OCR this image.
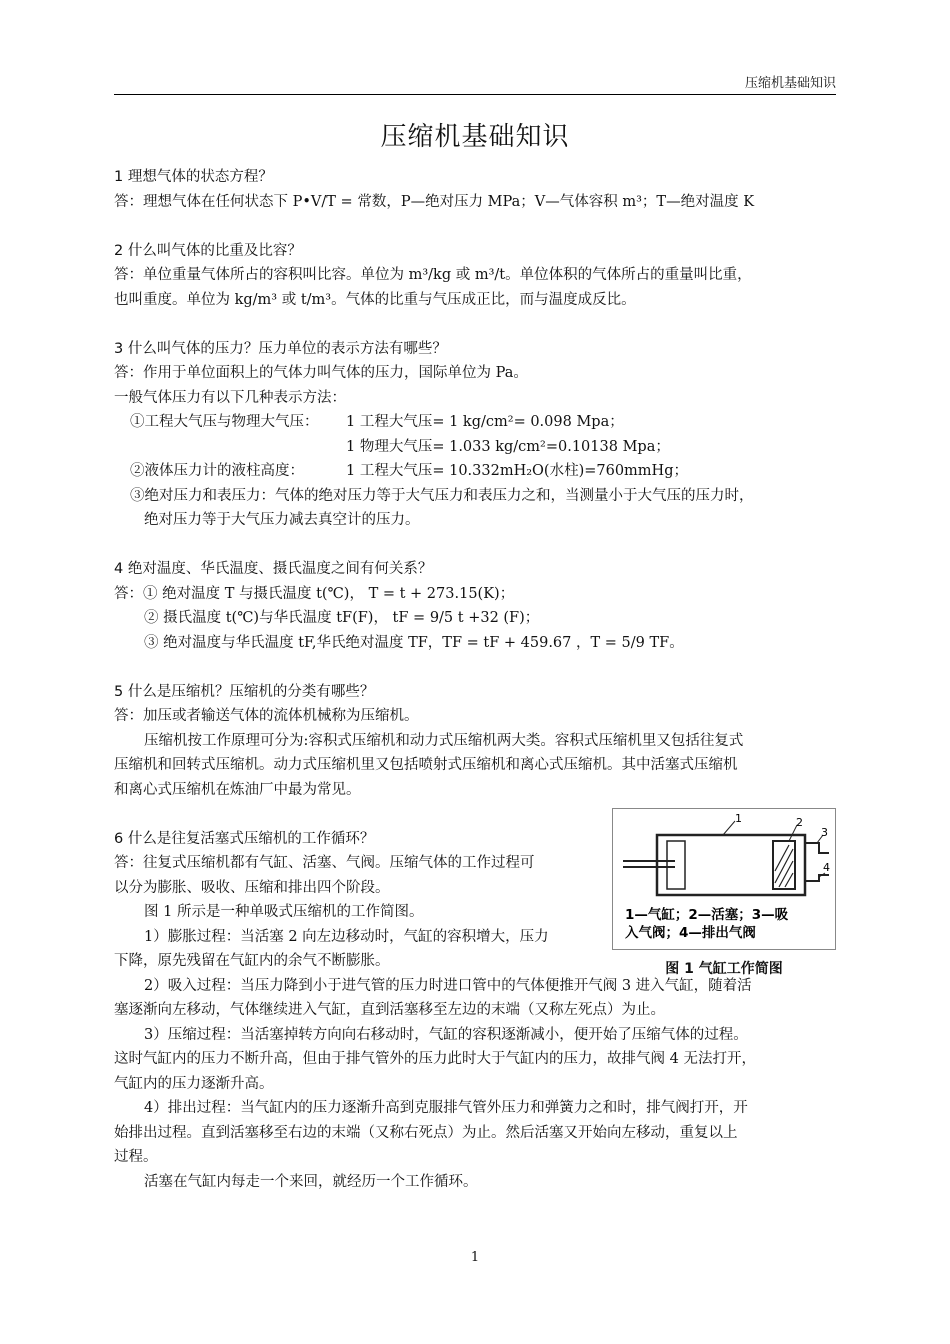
压缩机基础知识
压缩机基础知识
1 理想气体的状态方程？
答：理想气体在任何状态下 P•V/T = 常数，P—绝对压力 MPa；V—气体容积 m³；T—绝对温度 K
2 什么叫气体的比重及比容？
答：单位重量气体所占的容积叫比容。单位为 m³/kg 或 m³/t。单位体积的气体所占的重量叫比重，
也叫重度。单位为 kg/m³ 或 t/m³。气体的比重与气压成正比，而与温度成反比。
3 什么叫气体的压力？压力单位的表示方法有哪些？
答：作用于单位面积上的气体力叫气体的压力，国际单位为 Pa。
一般气体压力有以下几种表示方法：
①工程大气压与物理大气压： 1 工程大气压= 1 kg/cm²= 0.098 Mpa；
1 物理大气压= 1.033 kg/cm²=0.10138 Mpa；
②液体压力计的液柱高度：	1 工程大气压= 10.332mH₂O(水柱)=760mmHg；
③绝对压力和表压力：气体的绝对压力等于大气压力和表压力之和，当测量小于大气压的压力时，
绝对压力等于大气压力减去真空计的压力。
4 绝对温度、华氏温度、摄氏温度之间有何关系？
答：① 绝对温度 T 与摄氏温度 t(℃)， T = t + 273.15(K)；
② 摄氏温度 t(℃)与华氏温度 tF(F)， tF = 9/5 t +32 (F)；
③ 绝对温度与华氏温度 tF,华氏绝对温度 TF，TF = tF + 459.67 ，T = 5/9 TF。
5 什么是压缩机？压缩机的分类有哪些？
答：加压或者输送气体的流体机械称为压缩机。
压缩机按工作原理可分为:容积式压缩机和动力式压缩机两大类。容积式压缩机里又包括往复式
压缩机和回转式压缩机。动力式压缩机里又包括喷射式压缩机和离心式压缩机。其中活塞式压缩机
和离心式压缩机在炼油厂中最为常见。
6 什么是往复活塞式压缩机的工作循环？
答：往复式压缩机都有气缸、活塞、气阀。压缩气体的工作过程可
以分为膨胀、吸收、压缩和排出四个阶段。
图 1 所示是一种单吸式压缩机的工作简图。
1）膨胀过程：当活塞 2 向左边移动时，气缸的容积增大，压力
下降，原先残留在气缸内的余气不断膨胀。
2）吸入过程：当压力降到小于进气管的压力时进口管中的气体便推开气阀 3 进入气缸，随着活
塞逐渐向左移动，气体继续进入气缸，直到活塞移至左边的末端（又称左死点）为止。
3）压缩过程：当活塞掉转方向向右移动时，气缸的容积逐渐减小，便开始了压缩气体的过程。
这时气缸内的压力不断升高，但由于排气管外的压力此时大于气缸内的压力，故排气阀 4 无法打开，
气缸内的压力逐渐升高。
4）排出过程：当气缸内的压力逐渐升高到克服排气管外压力和弹簧力之和时，排气阀打开，开
始排出过程。直到活塞移至右边的末端（又称右死点）为止。然后活塞又开始向左移动，重复以上
过程。
活塞在气缸内每走一个来回，就经历一个工作循环。
1	2
3
4
1—气缸；2—活塞；3—吸
入气阀；4—排出气阀
图 1 气缸工作简图
1
